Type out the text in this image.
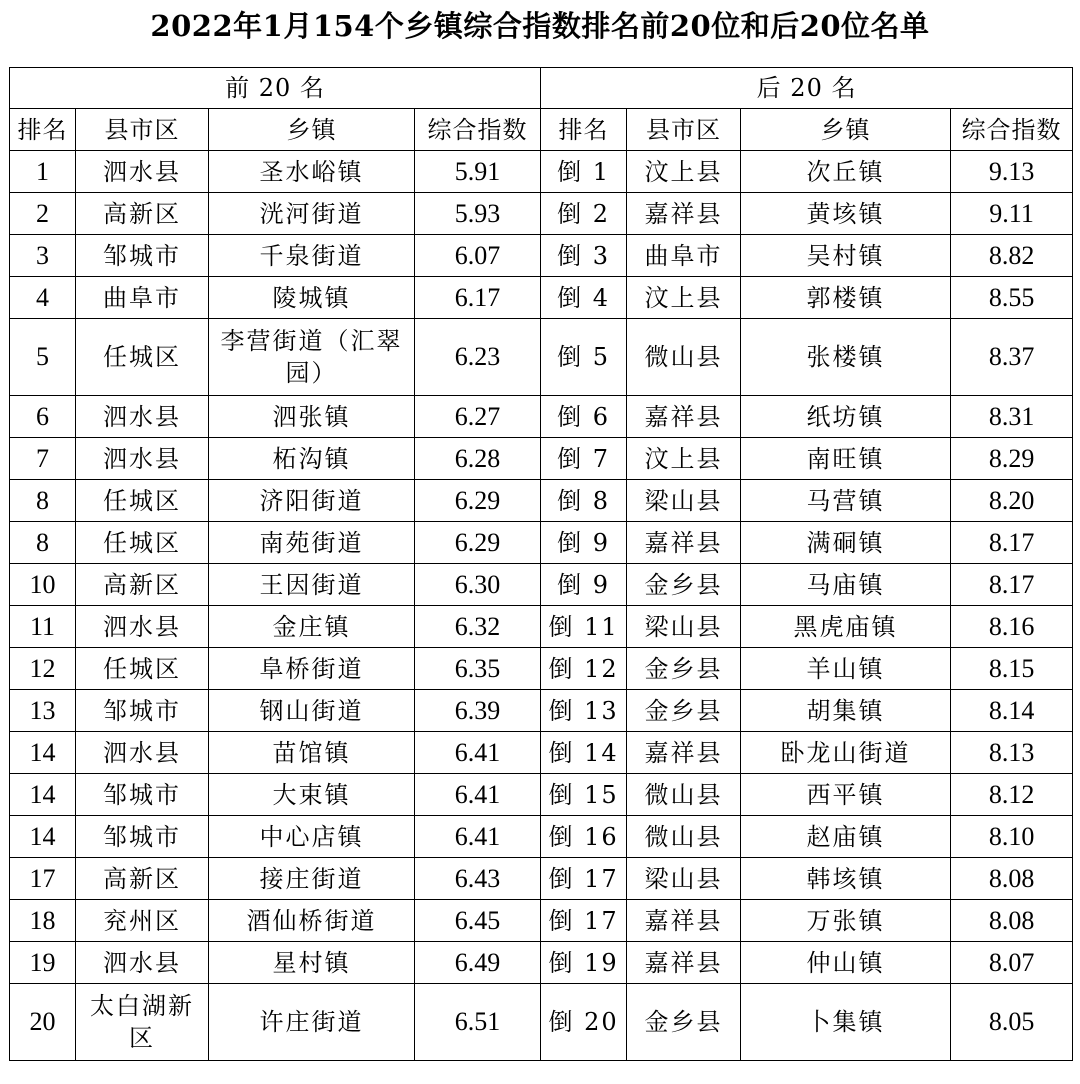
2022年1月154个乡镇综合指数排名前20位和后20位名单
前 20 名				后 20 名			
排名	县市区	乡镇	综合指数	排名	县市区	乡镇	综合指数
1	泗水县	圣水峪镇	5.91	倒 1	汶上县	次丘镇	9.13
2	高新区	洸河街道	5.93	倒 2	嘉祥县	黄垓镇	9.11
3	邹城市	千泉街道	6.07	倒 3	曲阜市	吴村镇	8.82
4	曲阜市	陵城镇	6.17	倒 4	汶上县	郭楼镇	8.55
5	任城区	李营街道（汇翠园）	6.23	倒 5	微山县	张楼镇	8.37
6	泗水县	泗张镇	6.27	倒 6	嘉祥县	纸坊镇	8.31
7	泗水县	柘沟镇	6.28	倒 7	汶上县	南旺镇	8.29
8	任城区	济阳街道	6.29	倒 8	梁山县	马营镇	8.20
8	任城区	南苑街道	6.29	倒 9	嘉祥县	满硐镇	8.17
10	高新区	王因街道	6.30	倒 9	金乡县	马庙镇	8.17
11	泗水县	金庄镇	6.32	倒 11	梁山县	黑虎庙镇	8.16
12	任城区	阜桥街道	6.35	倒 12	金乡县	羊山镇	8.15
13	邹城市	钢山街道	6.39	倒 13	金乡县	胡集镇	8.14
14	泗水县	苗馆镇	6.41	倒 14	嘉祥县	卧龙山街道	8.13
14	邹城市	大束镇	6.41	倒 15	微山县	西平镇	8.12
14	邹城市	中心店镇	6.41	倒 16	微山县	赵庙镇	8.10
17	高新区	接庄街道	6.43	倒 17	梁山县	韩垓镇	8.08
18	兖州区	酒仙桥街道	6.45	倒 17	嘉祥县	万张镇	8.08
19	泗水县	星村镇	6.49	倒 19	嘉祥县	仲山镇	8.07
20	太白湖新区	许庄街道	6.51	倒 20	金乡县	卜集镇	8.05
